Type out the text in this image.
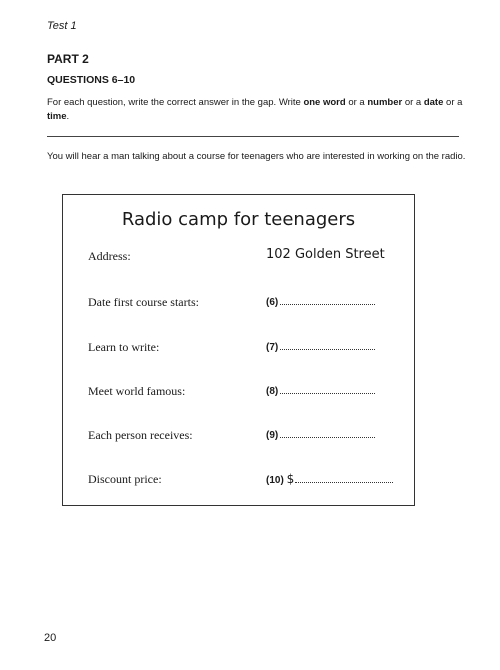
Test 1
PART 2
QUESTIONS 6–10
For each question, write the correct answer in the gap. Write one word or a number or a date or a time.
You will hear a man talking about a course for teenagers who are interested in working on the radio.
Radio camp for teenagers
Address:	102 Golden Street
Date first course starts:	(6)
Learn to write:	(7)
Meet world famous:	(8)
Each person receives:	(9)
Discount price:	(10) $
20
